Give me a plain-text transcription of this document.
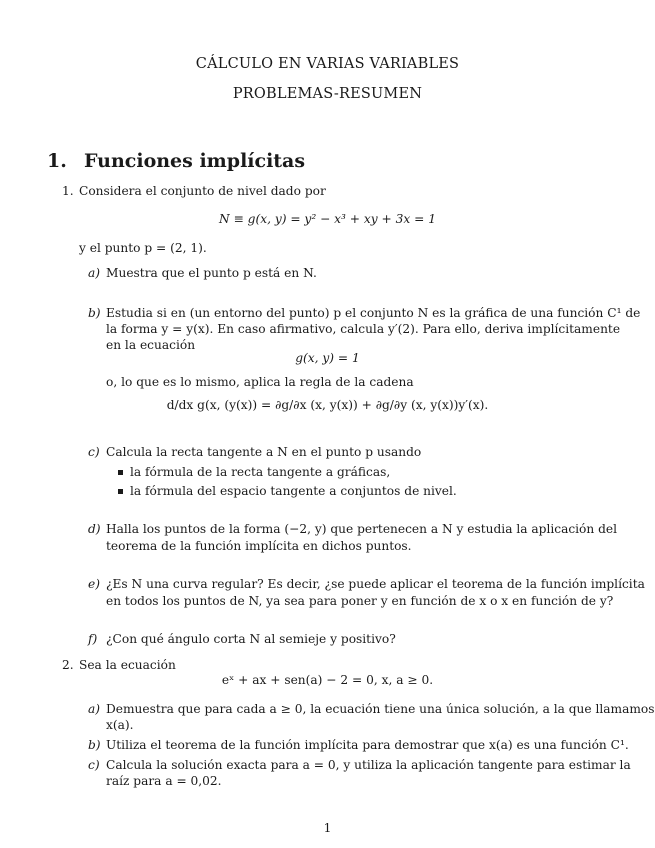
CÁLCULO EN VARIAS VARIABLES
PROBLEMAS-RESUMEN
1. Funciones implícitas
1. Considera el conjunto de nivel dado por
N ≡ g(x, y) = y² − x³ + xy + 3x = 1
y el punto p = (2, 1).
a) Muestra que el punto p está en N.
b) Estudia si en (un entorno del punto) p el conjunto N es la gráfica de una función C¹ de
la forma y = y(x). En caso afirmativo, calcula y′(2). Para ello, deriva implícitamente
en la ecuación
g(x, y) = 1
o, lo que es lo mismo, aplica la regla de la cadena
d/dx g(x, (y(x)) = ∂g/∂x (x, y(x)) + ∂g/∂y (x, y(x))y′(x).
c) Calcula la recta tangente a N en el punto p usando
la fórmula de la recta tangente a gráficas,
la fórmula del espacio tangente a conjuntos de nivel.
d) Halla los puntos de la forma (−2, y) que pertenecen a N y estudia la aplicación del
teorema de la función implícita en dichos puntos.
e) ¿Es N una curva regular? Es decir, ¿se puede aplicar el teorema de la función implícita
en todos los puntos de N, ya sea para poner y en función de x o x en función de y?
f) ¿Con qué ángulo corta N al semieje y positivo?
2. Sea la ecuación
eˣ + ax + sen(a) − 2 = 0, x, a ≥ 0.
a) Demuestra que para cada a ≥ 0, la ecuación tiene una única solución, a la que llamamos
x(a).
b) Utiliza el teorema de la función implícita para demostrar que x(a) es una función C¹.
c) Calcula la solución exacta para a = 0, y utiliza la aplicación tangente para estimar la
raíz para a = 0,02.
1
